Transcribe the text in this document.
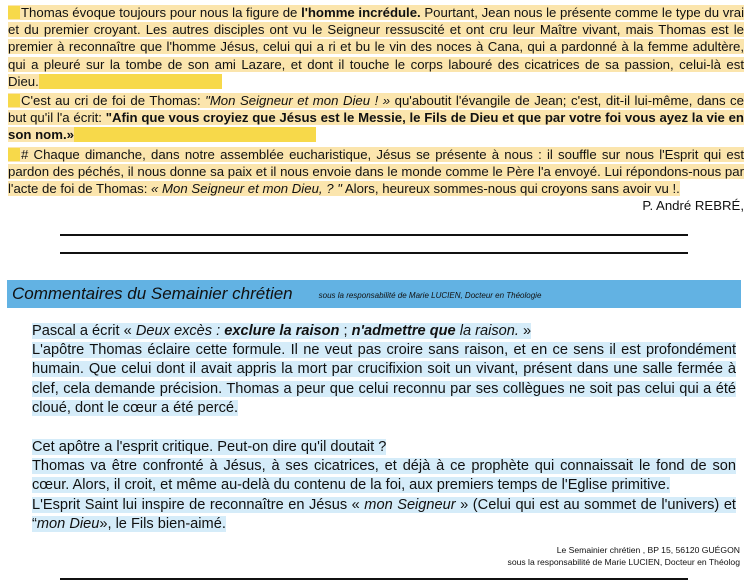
Thomas évoque toujours pour nous la figure de l'homme incrédule. Pourtant, Jean nous le présente comme le type du vrai et du premier croyant. Les autres disciples ont vu le Seigneur ressuscité et ont cru leur Maître vivant, mais Thomas est le premier à reconnaître que l'homme Jésus, celui qui a ri et bu le vin des noces à Cana, qui a pardonné à la femme adultère, qui a pleuré sur la tombe de son ami Lazare, et dont il touche le corps labouré des cicatrices de sa passion, celui-là est Dieu.

C'est au cri de foi de Thomas: "Mon Seigneur et mon Dieu ! » qu'aboutit l'évangile de Jean; c'est, dit-il lui-même, dans ce but qu'il l'a écrit: "Afin que vous croyiez que Jésus est le Messie, le Fils de Dieu et que par votre foi vous ayez la vie en son nom.»

# Chaque dimanche, dans notre assemblée eucharistique, Jésus se présente à nous : il souffle sur nous l'Esprit qui est pardon des péchés, il nous donne sa paix et il nous envoie dans le monde comme le Père l'a envoyé. Lui répondons-nous par l'acte de foi de Thomas: « Mon Seigneur et mon Dieu, ? " Alors, heureux sommes-nous qui croyons sans avoir vu !.
P. André REBRÉ,

Commentaires du Semainier chrétien	sous la responsabilité de Marie LUCIEN, Docteur en Théologie

Pascal a écrit « Deux excès : exclure la raison ; n'admettre que la raison. »

L'apôtre Thomas éclaire cette formule. Il ne veut pas croire sans raison, et en ce sens il est profondément humain. Que celui dont il avait appris la mort par crucifixion soit un vivant, présent dans une salle fermée à clef, cela demande précision. Thomas a peur que celui reconnu par ses collègues ne soit pas celui qui a été cloué, dont le cœur a été percé.

Cet apôtre a l'esprit critique. Peut-on dire qu'il doutait ?

Thomas va être confronté à Jésus, à ses cicatrices, et déjà à ce prophète qui connaissait le fond de son cœur. Alors, il croit, et même au-delà du contenu de la foi, aux premiers temps de l'Eglise primitive.

L'Esprit Saint lui inspire de reconnaître en Jésus « mon Seigneur » (Celui qui est au sommet de l'univers) et “mon Dieu», le Fils bien-aimé.

Le Semainier chrétien , BP 15, 56120 GUÉGON
sous la responsabilité de Marie LUCIEN, Docteur en Théolog
